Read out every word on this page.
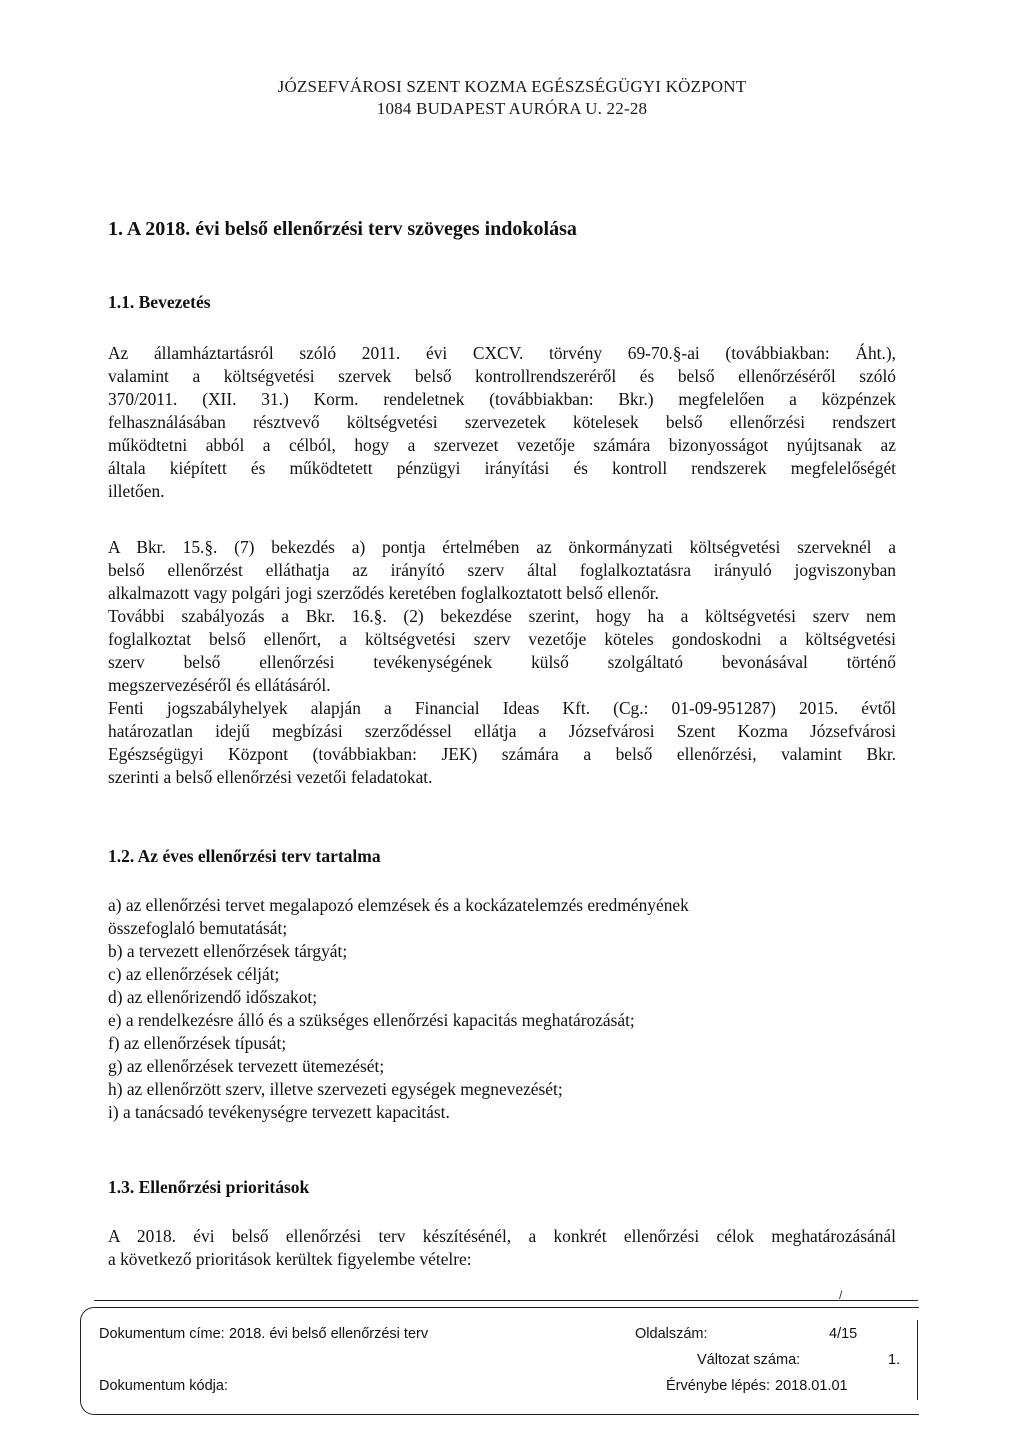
JÓZSEFVÁROSI SZENT KOZMA EGÉSZSÉGÜGYI KÖZPONT
1084 BUDAPEST AURÓRA U. 22-28
1. A 2018. évi belső ellenőrzési terv szöveges indokolása
1.1. Bevezetés

Az államháztartásról szóló 2011. évi CXCV. törvény 69-70.§-ai (továbbiakban: Áht.),
valamint a költségvetési szervek belső kontrollrendszeréről és belső ellenőrzéséről szóló
370/2011. (XII. 31.) Korm. rendeletnek (továbbiakban: Bkr.) megfelelően a közpénzek
felhasználásában résztvevő költségvetési szervezetek kötelesek belső ellenőrzési rendszert
működtetni abból a célból, hogy a szervezet vezetője számára bizonyosságot nyújtsanak az
általa kiépített és működtetett pénzügyi irányítási és kontroll rendszerek megfelelőségét
illetően.

A Bkr. 15.§. (7) bekezdés a) pontja értelmében az önkormányzati költségvetési szerveknél a
belső ellenőrzést elláthatja az irányító szerv által foglalkoztatásra irányuló jogviszonyban
alkalmazott vagy polgári jogi szerződés keretében foglalkoztatott belső ellenőr.
További szabályozás a Bkr. 16.§. (2) bekezdése szerint, hogy ha a költségvetési szerv nem
foglalkoztat belső ellenőrt, a költségvetési szerv vezetője köteles gondoskodni a költségvetési
szerv belső ellenőrzési tevékenységének külső szolgáltató bevonásával történő
megszervezéséről és ellátásáról.
Fenti jogszabályhelyek alapján a Financial Ideas Kft. (Cg.: 01-09-951287) 2015. évtől
határozatlan idejű megbízási szerződéssel ellátja a Józsefvárosi Szent Kozma Józsefvárosi
Egészségügyi Központ (továbbiakban: JEK) számára a belső ellenőrzési, valamint Bkr.
szerinti a belső ellenőrzési vezetői feladatokat.

1.2. Az éves ellenőrzési terv tartalma
a) az ellenőrzési tervet megalapozó elemzések és a kockázatelemzés eredményének
összefoglaló bemutatását;
b) a tervezett ellenőrzések tárgyát;
c) az ellenőrzések célját;
d) az ellenőrizendő időszakot;
e) a rendelkezésre álló és a szükséges ellenőrzési kapacitás meghatározását;
f) az ellenőrzések típusát;
g) az ellenőrzések tervezett ütemezését;
h) az ellenőrzött szerv, illetve szervezeti egységek megnevezését;
i) a tanácsadó tevékenységre tervezett kapacitást.
1.3. Ellenőrzési prioritások

A 2018. évi belső ellenőrzési terv készítésénél, a konkrét ellenőrzési célok meghatározásánál
a következő prioritások kerültek figyelembe vételre:

/
Dokumentum címe: 2018. évi belső ellenőrzési terv	Oldalszám:	4/15
Változat száma:	1.
Dokumentum kódja:	Érvénybe lépés: 2018.01.01
